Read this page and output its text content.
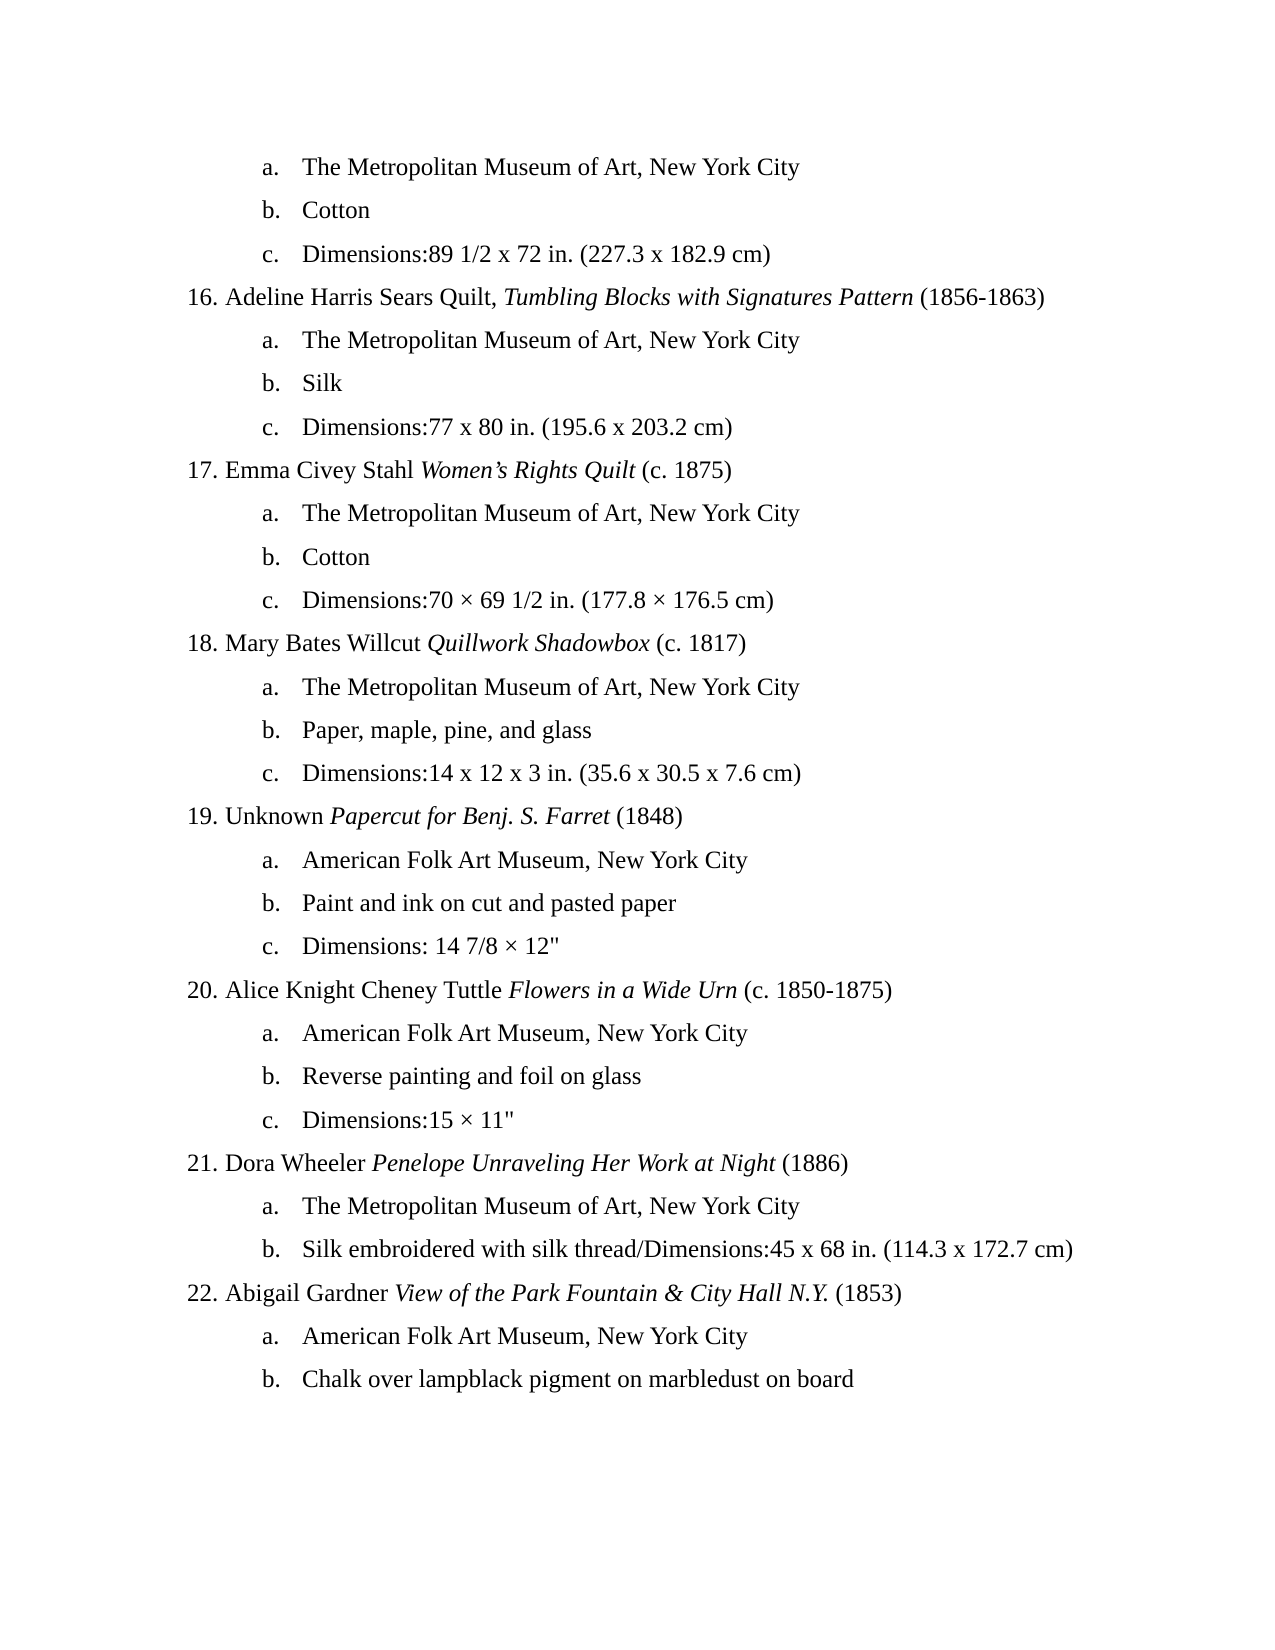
a. The Metropolitan Museum of Art, New York City
b. Cotton
c. Dimensions:89 1/2 x 72 in. (227.3 x 182.9 cm)
16. Adeline Harris Sears Quilt, Tumbling Blocks with Signatures Pattern (1856-1863)
a. The Metropolitan Museum of Art, New York City
b. Silk
c. Dimensions:77 x 80 in. (195.6 x 203.2 cm)
17. Emma Civey Stahl Women’s Rights Quilt (c. 1875)
a. The Metropolitan Museum of Art, New York City
b. Cotton
c. Dimensions:70 × 69 1/2 in. (177.8 × 176.5 cm)
18. Mary Bates Willcut Quillwork Shadowbox (c. 1817)
a. The Metropolitan Museum of Art, New York City
b. Paper, maple, pine, and glass
c. Dimensions:14 x 12 x 3 in. (35.6 x 30.5 x 7.6 cm)
19. Unknown Papercut for Benj. S. Farret (1848)
a. American Folk Art Museum, New York City
b. Paint and ink on cut and pasted paper
c. Dimensions: 14 7/8 × 12"
20. Alice Knight Cheney Tuttle Flowers in a Wide Urn (c. 1850-1875)
a. American Folk Art Museum, New York City
b. Reverse painting and foil on glass
c. Dimensions:15 × 11"
21. Dora Wheeler Penelope Unraveling Her Work at Night (1886)
a. The Metropolitan Museum of Art, New York City
b. Silk embroidered with silk thread/Dimensions:45 x 68 in. (114.3 x 172.7 cm)
22. Abigail Gardner View of the Park Fountain & City Hall N.Y. (1853)
a. American Folk Art Museum, New York City
b. Chalk over lampblack pigment on marbledust on board
